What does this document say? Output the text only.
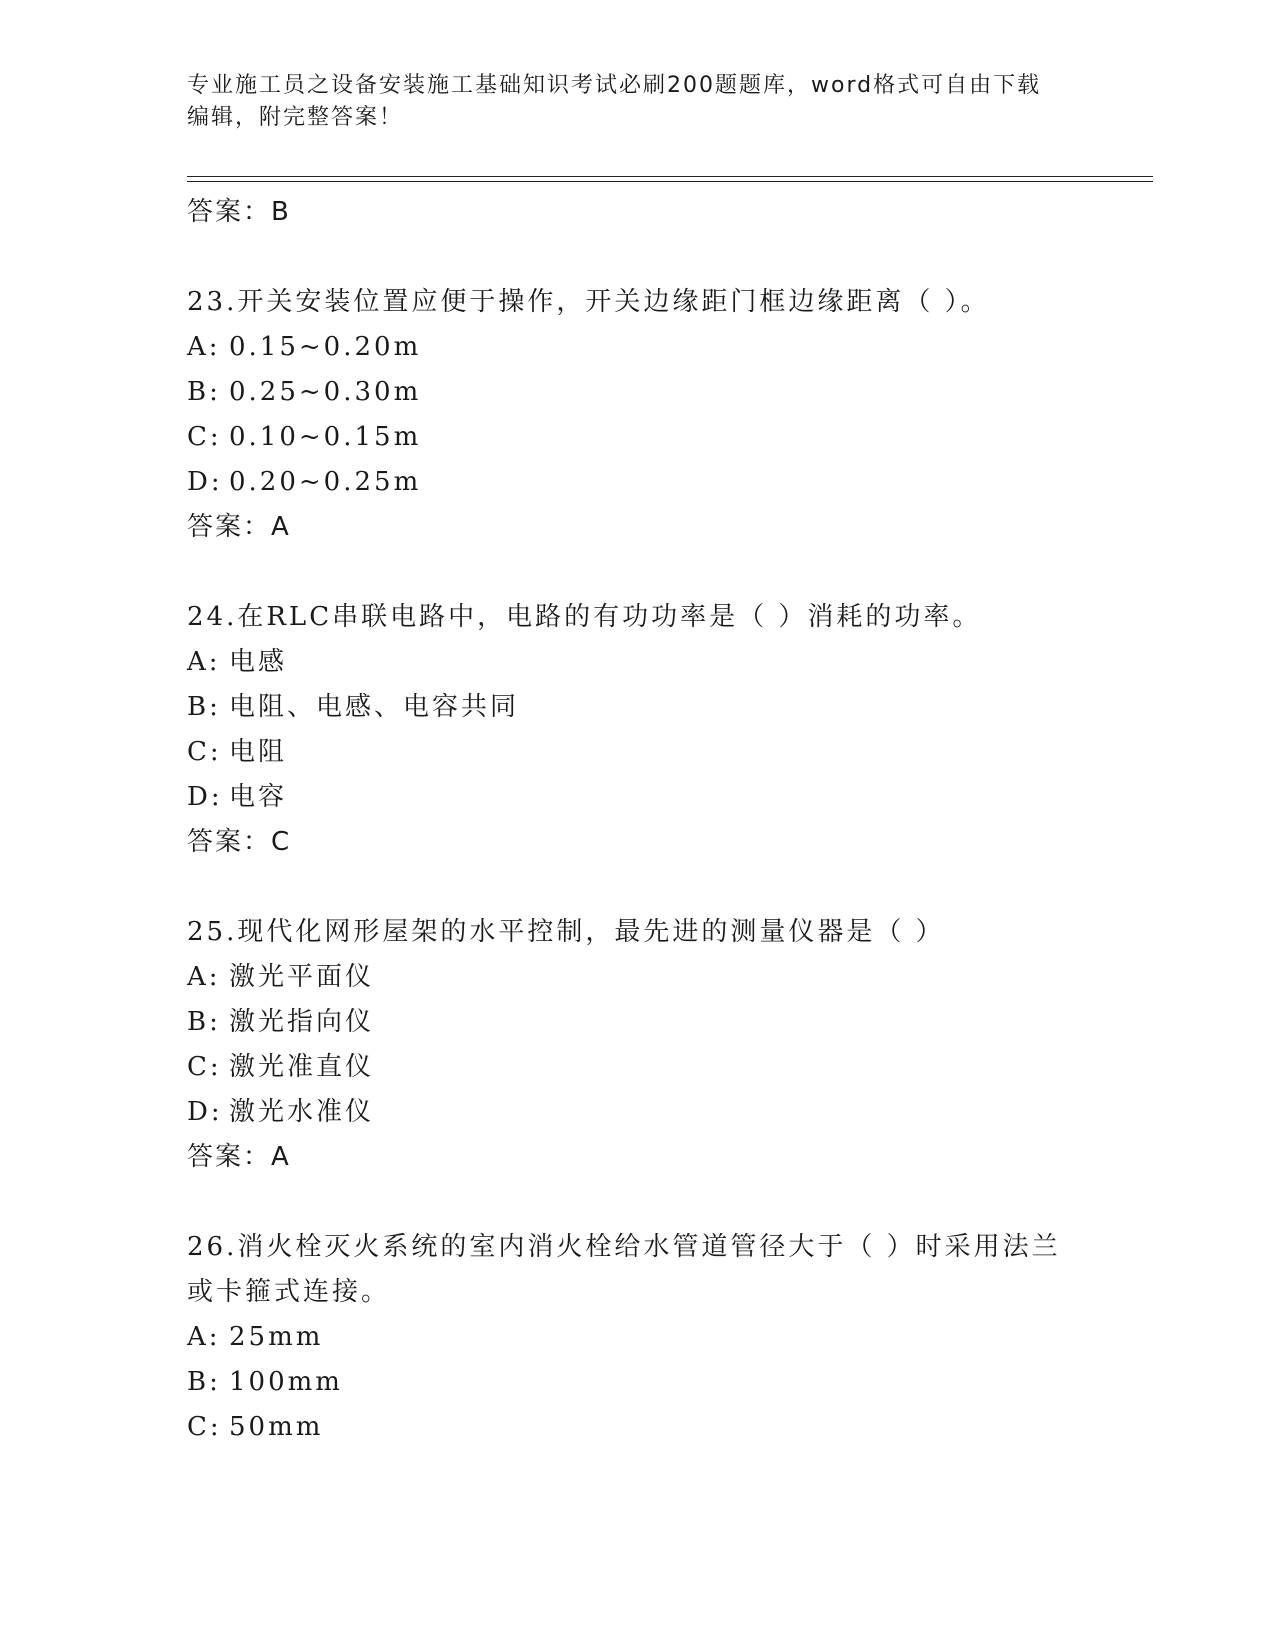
专业施工员之设备安装施工基础知识考试必刷200题题库，word格式可自由下载
编辑，附完整答案！
答案：B
23.开关安装位置应便于操作，开关边缘距门框边缘距离（ ）。
A: 0.15~0.20m
B: 0.25~0.30m
C: 0.10~0.15m
D: 0.20~0.25m
答案：A
24.在RLC串联电路中，电路的有功功率是（ ）消耗的功率。
A: 电感
B: 电阻、电感、电容共同
C: 电阻
D: 电容
答案：C
25.现代化网形屋架的水平控制，最先进的测量仪器是（ ）
A: 激光平面仪
B: 激光指向仪
C: 激光准直仪
D: 激光水准仪
答案：A
26.消火栓灭火系统的室内消火栓给水管道管径大于（ ）时采用法兰或卡箍式连接。
A: 25mm
B: 100mm
C: 50mm
